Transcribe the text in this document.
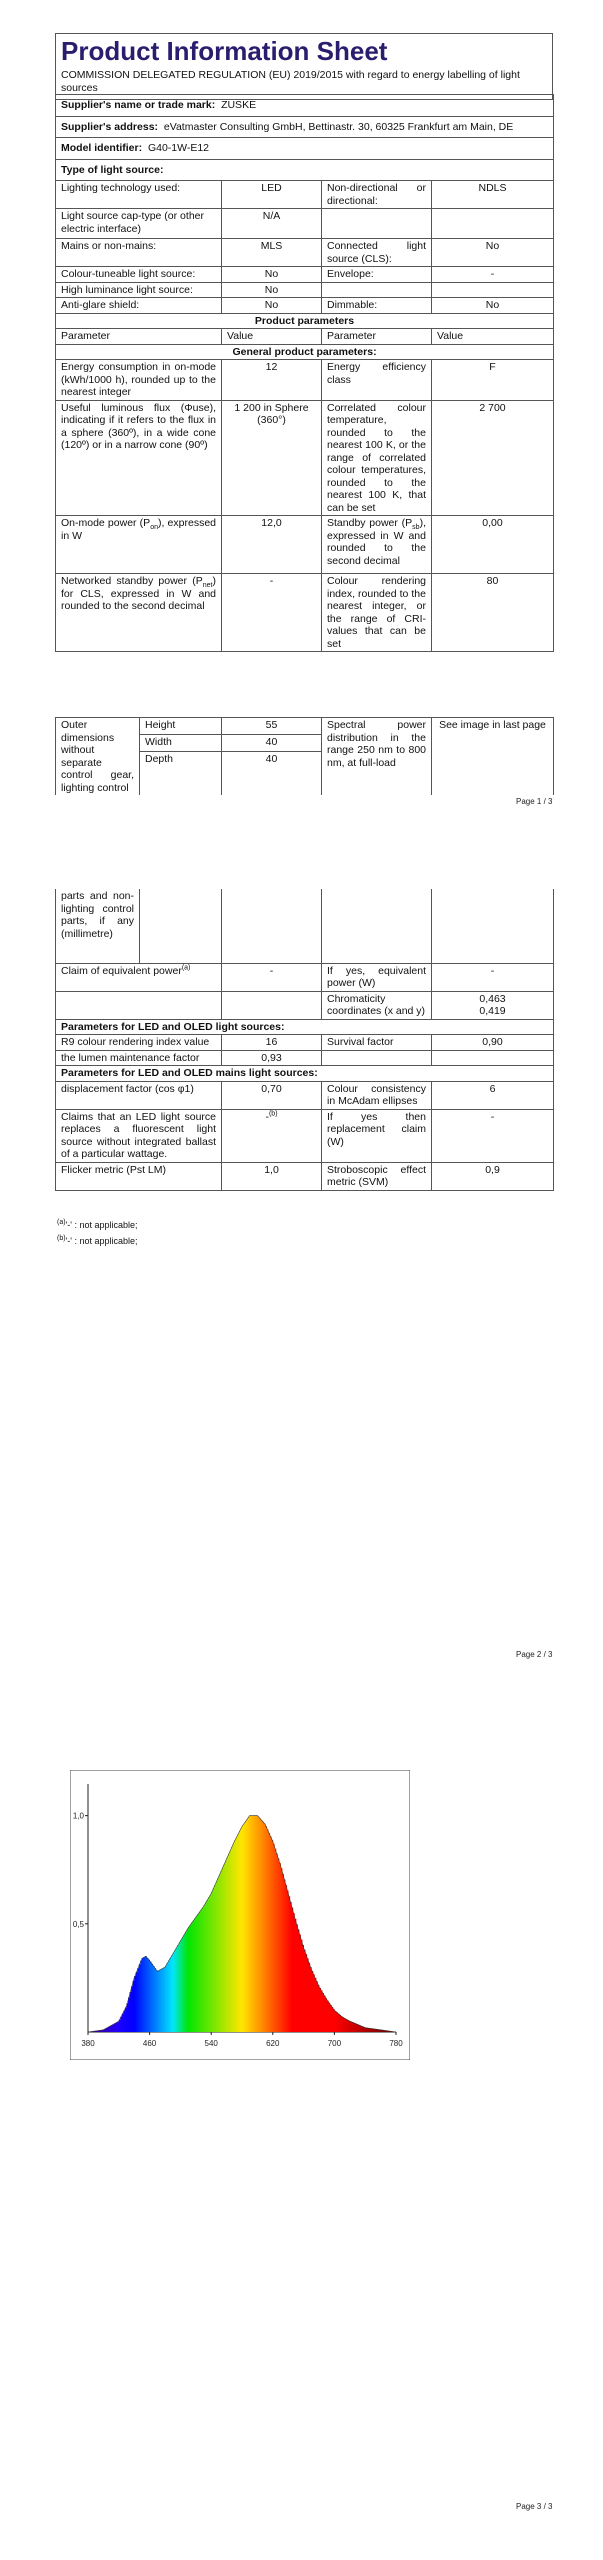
Product Information Sheet
COMMISSION DELEGATED REGULATION (EU) 2019/2015 with regard to energy labelling of light sources
Supplier's name or trade mark: ZUSKE			
Supplier's address: eVatmaster Consulting GmbH, Bettinastr. 30, 60325 Frankfurt am Main, DE			
Model identifier: G40-1W-E12			
Type of light source:			
Lighting technology used:	LED	Non-directional or directional:	NDLS
Light source cap-type (or other electric interface)	N/A		
Mains or non-mains:	MLS	Connected light source (CLS):	No
Colour-tuneable light source:	No	Envelope:	-
High luminance light source:	No		
Anti-glare shield:	No	Dimmable:	No
Product parameters			
Parameter	Value	Parameter	Value
General product parameters:			
Energy consumption in on-mode (kWh/1000 h), rounded up to the nearest integer	12	Energy efficiency class	F
Useful luminous flux (Φuse), indicating if it refers to the flux in a sphere (360º), in a wide cone (120º) or in a narrow cone (90º)	1 200 in Sphere (360°)	Correlated colour temperature, rounded to the nearest 100 K, or the range of correlated colour temperatures, rounded to the nearest 100 K, that can be set	2 700
On-mode power $(P_{on})$, expressed in W	12,0	Standby power $(P_{sb})$, expressed in W and rounded to the second decimal	0,00
Networked standby power $(P_{net})$ for CLS, expressed in W and rounded to the second decimal	-	Colour rendering index, rounded to the nearest integer, or the range of CRI-values that can be set	80
Outer dimensions without separate control gear, lighting control	Height	55	Spectral power distribution in the range 250 nm to 800 nm, at full-load	See image in last page
	Width	40		
	Depth	40		
Page 1 / 3
parts and non-lighting control parts, if any (millimetre)				
Claim of equivalent power$^{(a)}$		-	If yes, equivalent power (W)	-
			Chromaticity coordinates (x and y)	0,463
0,419

Parameters for LED and OLED light sources:				
R9 colour rendering index value		16	Survival factor	0,90
the lumen maintenance factor		0,93		
Parameters for LED and OLED mains light sources:				
displacement factor (cos φ1)		0,70	Colour consistency in McAdam ellipses	6
Claims that an LED light source replaces a fluorescent light source without integrated ballast of a particular wattage.		-$^{(b)}$	If yes then replacement claim (W)	-
Flicker metric (Pst LM)		1,0	Stroboscopic effect metric (SVM)	0,9
$^{(a)}$'-' : not applicable;
$^{(b)}$'-' : not applicable;
Page 2 / 3
380	460	540	620	700	780
0,5
1,0
Page 3 / 3
